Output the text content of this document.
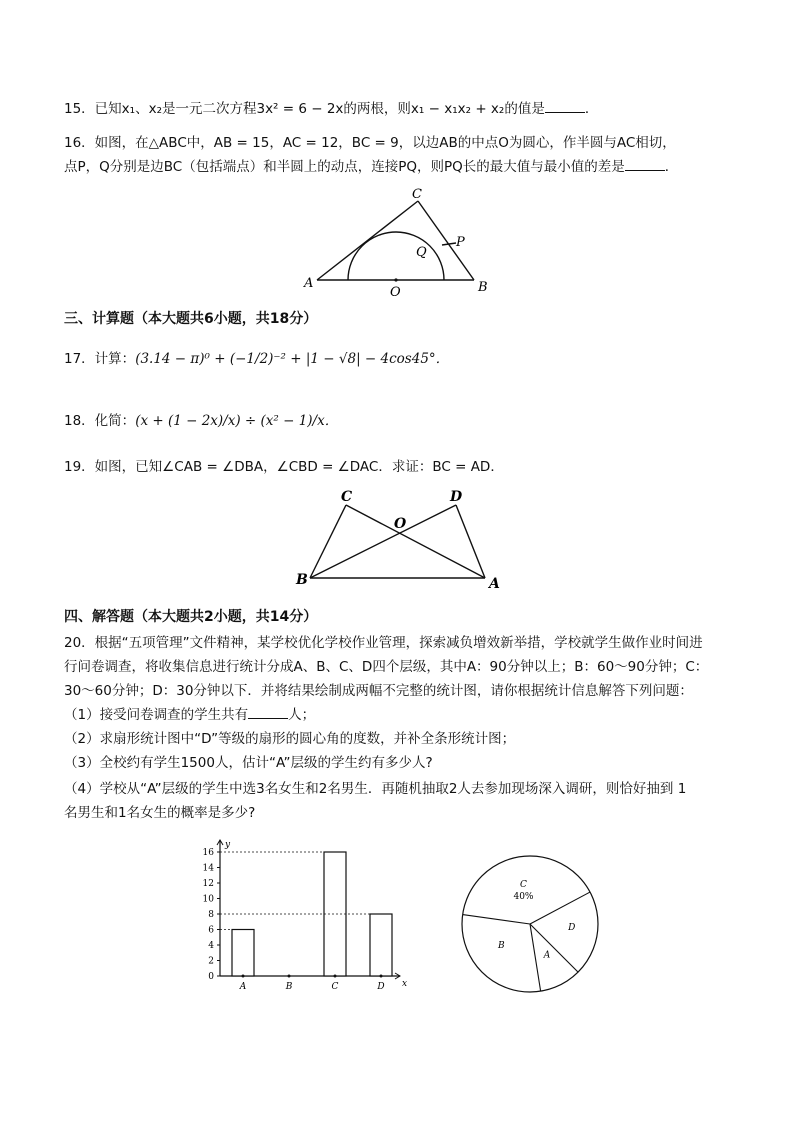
15．已知x₁、x₂是一元二次方程3x² = 6 − 2x的两根，则x₁ − x₁x₂ + x₂的值是	．
16．如图，在△ABC中，AB = 15，AC = 12，BC = 9，以边AB的中点O为圆心，作半圆与AC相切，
点P，Q分别是边BC（包括端点）和半圆上的动点，连接PQ，则PQ长的最大值与最小值的差是	．
C
P
Q
A	B
O
三、计算题（本大题共6小题，共18分）
17．计算：(3.14 − π)⁰ + (−1/2)⁻² + |1 − √8| − 4cos45°．
18．化简：(x + (1 − 2x)/x) ÷ (x² − 1)/x．
19．如图，已知∠CAB = ∠DBA，∠CBD = ∠DAC．求证：BC = AD．
C	D
O
B	A
四、解答题（本大题共2小题，共14分）
20．根据“五项管理”文件精神，某学校优化学校作业管理，探索减负增效新举措，学校就学生做作业时间进
行问卷调查，将收集信息进行统计分成A、B、C、D四个层级，其中A：90分钟以上；B：60～90分钟；C：
30～60分钟；D：30分钟以下．并将结果绘制成两幅不完整的统计图，请你根据统计信息解答下列问题：
（1）接受问卷调查的学生共有	人；
（2）求扇形统计图中“D”等级的扇形的圆心角的度数，并补全条形统计图；
（3）全校约有学生1500人，估计“A”层级的学生约有多少人?
（4）学校从“A”层级的学生中选3名女生和2名男生．再随机抽取2人去参加现场深入调研，则恰好抽到 1
名男生和1名女生的概率是多少?
y
x
0
2
4
6
8
10
12
14
16
A	B	C	D
C
D
A
B
40%
